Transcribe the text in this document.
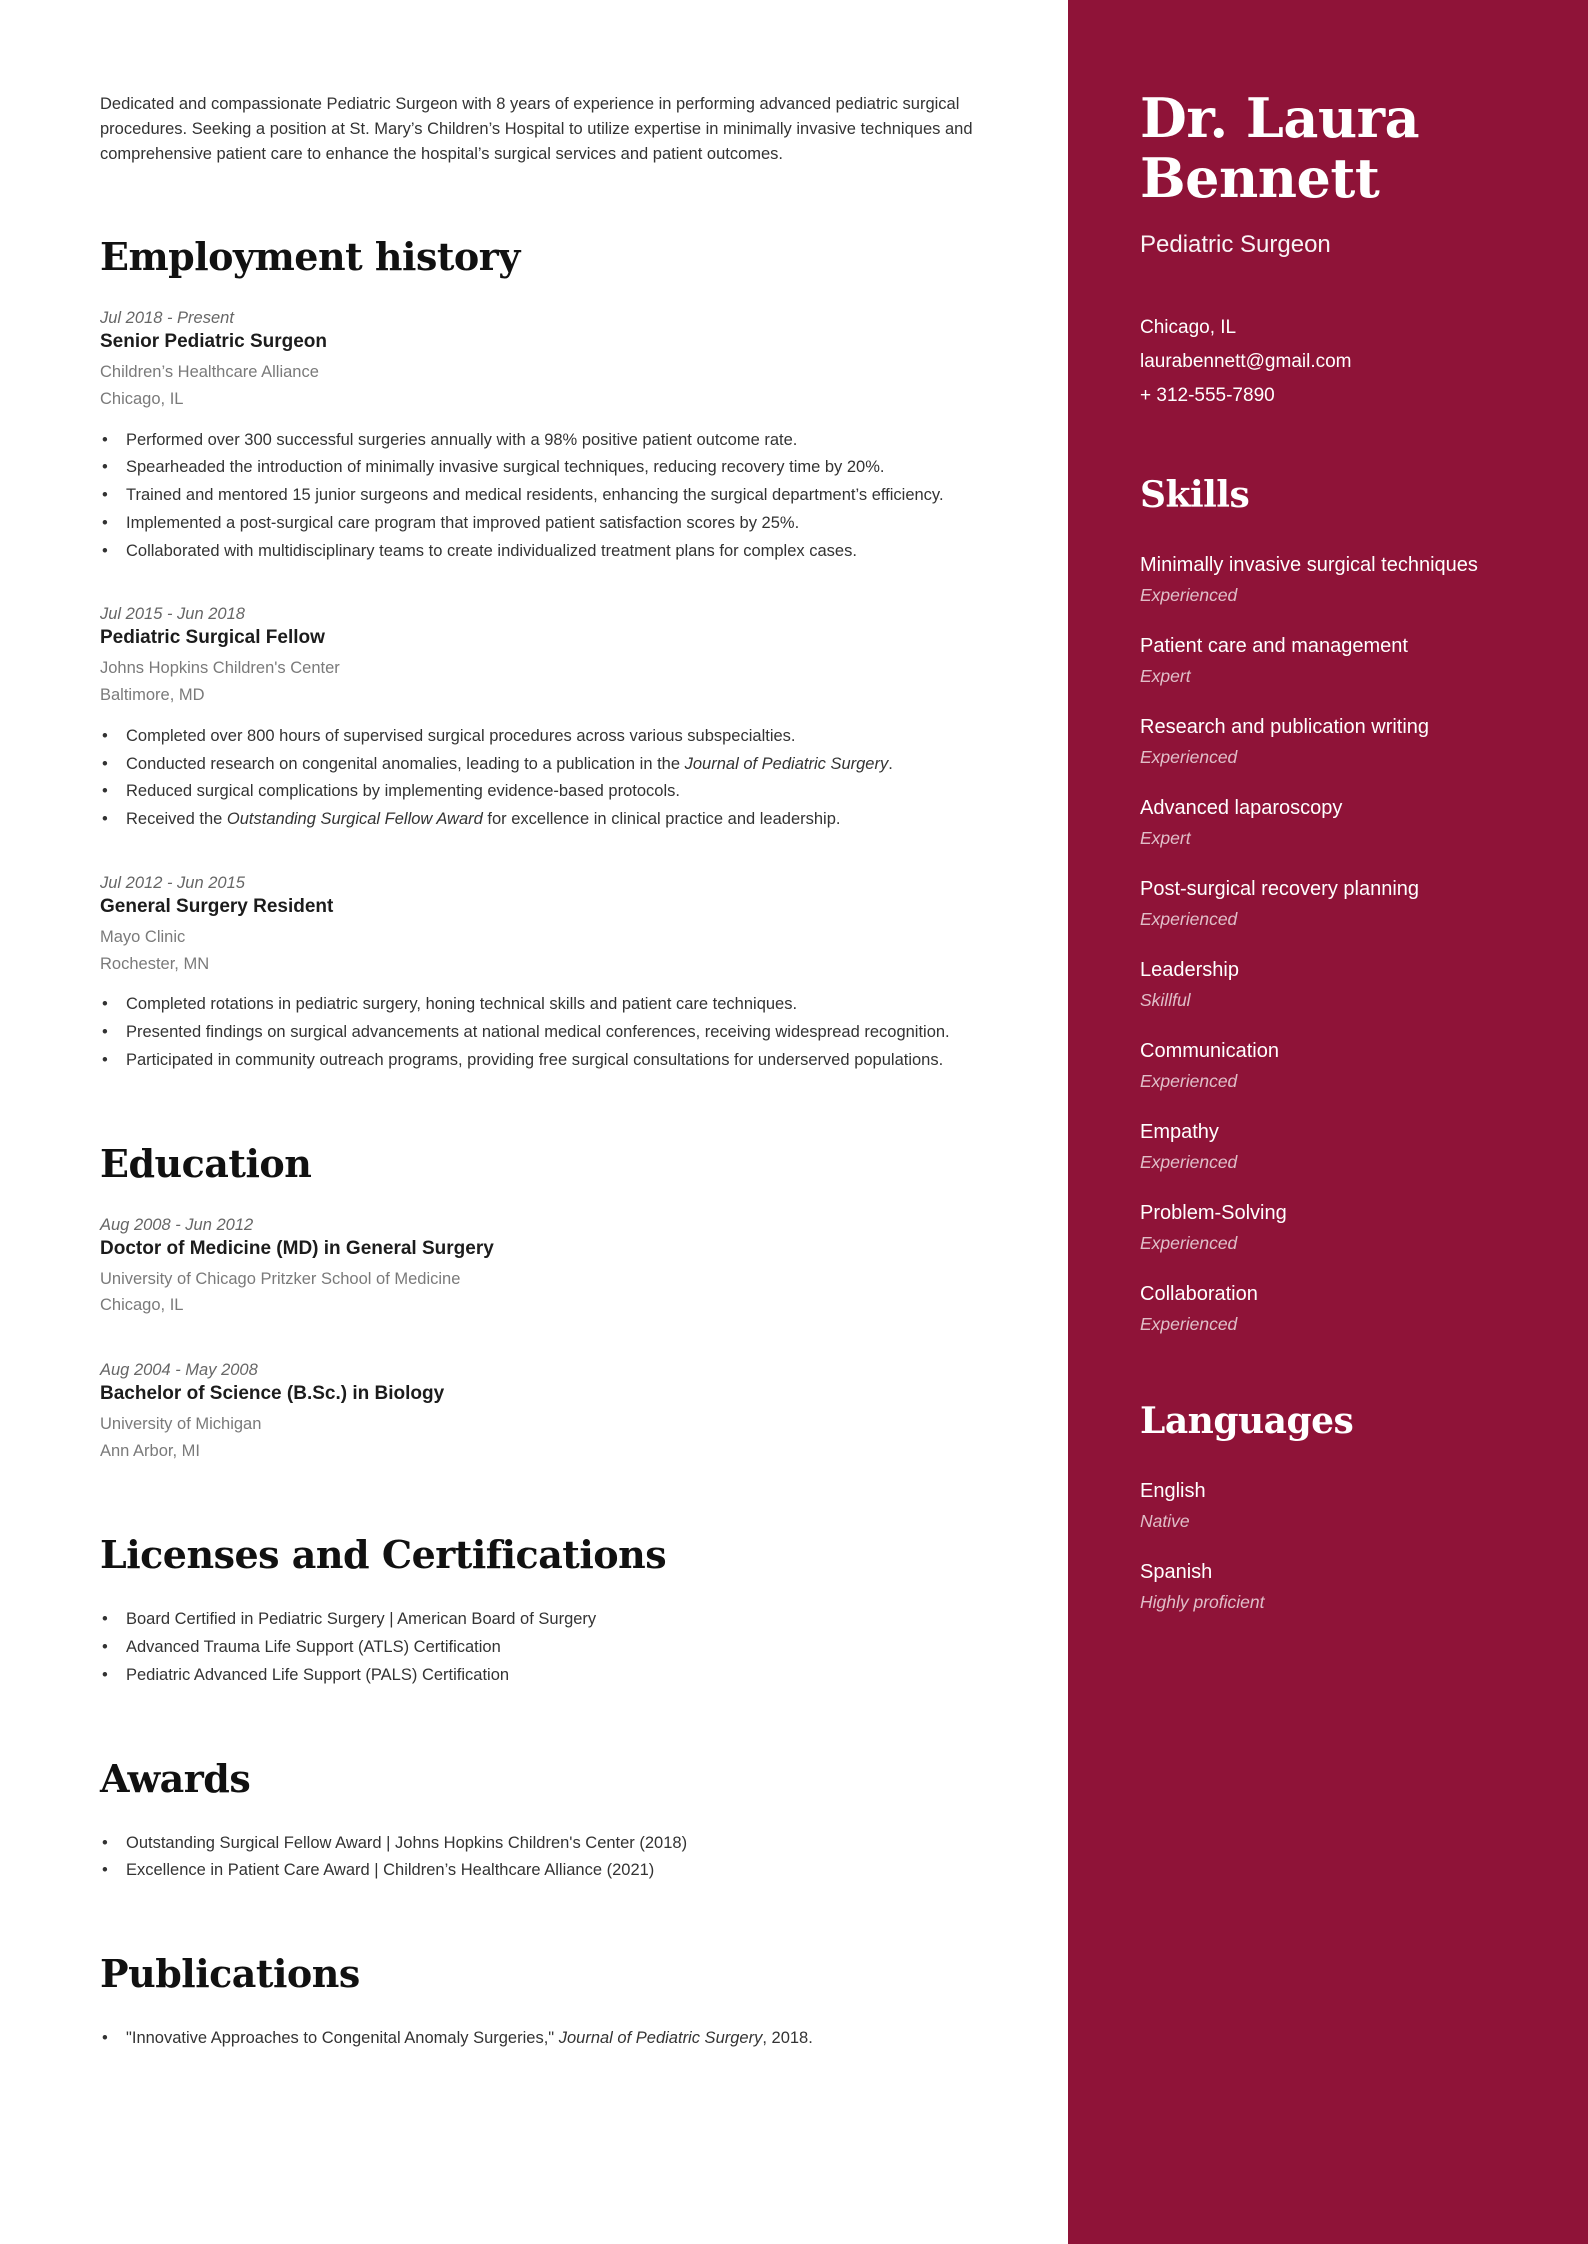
Dedicated and compassionate Pediatric Surgeon with 8 years of experience in performing advanced pediatric surgical procedures. Seeking a position at St. Mary’s Children’s Hospital to utilize expertise in minimally invasive techniques and comprehensive patient care to enhance the hospital’s surgical services and patient outcomes.

Employment history
Jul 2018 - Present
Senior Pediatric Surgeon
Children’s Healthcare Alliance
Chicago, IL
• Performed over 300 successful surgeries annually with a 98% positive patient outcome rate.
• Spearheaded the introduction of minimally invasive surgical techniques, reducing recovery time by 20%.
• Trained and mentored 15 junior surgeons and medical residents, enhancing the surgical department’s efficiency.
• Implemented a post-surgical care program that improved patient satisfaction scores by 25%.
• Collaborated with multidisciplinary teams to create individualized treatment plans for complex cases.
Jul 2015 - Jun 2018
Pediatric Surgical Fellow
Johns Hopkins Children's Center
Baltimore, MD
• Completed over 800 hours of supervised surgical procedures across various subspecialties.
• Conducted research on congenital anomalies, leading to a publication in the Journal of Pediatric Surgery.
• Reduced surgical complications by implementing evidence-based protocols.
• Received the Outstanding Surgical Fellow Award for excellence in clinical practice and leadership.
Jul 2012 - Jun 2015
General Surgery Resident
Mayo Clinic
Rochester, MN
• Completed rotations in pediatric surgery, honing technical skills and patient care techniques.
• Presented findings on surgical advancements at national medical conferences, receiving widespread recognition.
• Participated in community outreach programs, providing free surgical consultations for underserved populations.
Education
Aug 2008 - Jun 2012
Doctor of Medicine (MD) in General Surgery
University of Chicago Pritzker School of Medicine
Chicago, IL
Aug 2004 - May 2008
Bachelor of Science (B.Sc.) in Biology
University of Michigan
Ann Arbor, MI
Licenses and Certifications
• Board Certified in Pediatric Surgery | American Board of Surgery
• Advanced Trauma Life Support (ATLS) Certification
• Pediatric Advanced Life Support (PALS) Certification
Awards
• Outstanding Surgical Fellow Award | Johns Hopkins Children's Center (2018)
• Excellence in Patient Care Award | Children’s Healthcare Alliance (2021)
Publications
• "Innovative Approaches to Congenital Anomaly Surgeries," Journal of Pediatric Surgery, 2018.
Dr. Laura Bennett
Pediatric Surgeon
Chicago, IL
laurabennett@gmail.com
+ 312-555-7890
Skills
Minimally invasive surgical techniques
Experienced
Patient care and management
Expert
Research and publication writing
Experienced
Advanced laparoscopy
Expert
Post-surgical recovery planning
Experienced
Leadership
Skillful
Communication
Experienced
Empathy
Experienced
Problem-Solving
Experienced
Collaboration
Experienced
Languages
English
Native
Spanish
Highly proficient
